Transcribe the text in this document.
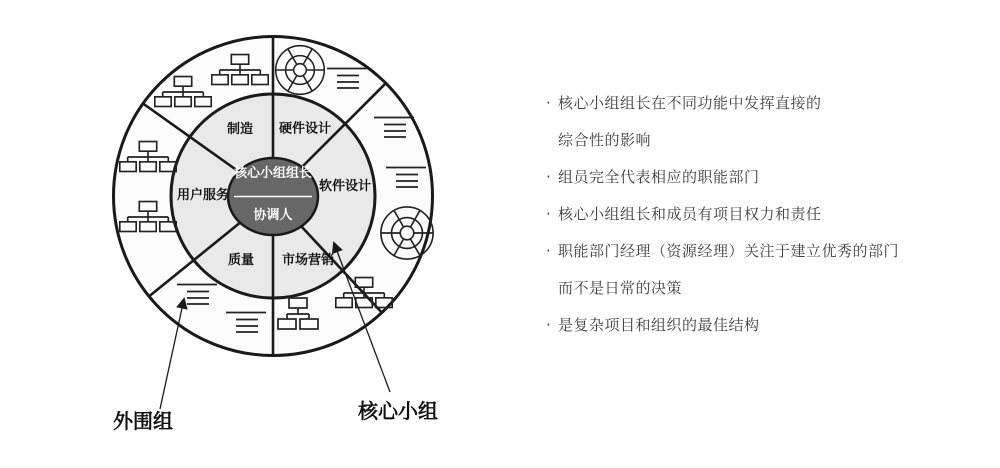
核心小组组长
协调人
制造 硬件设计
软件设计
市场营销
质量
用户服务
外围组	核心小组
· 核心小组组长在不同功能中发挥直接的
综合性的影响
· 组员完全代表相应的职能部门
· 核心小组组长和成员有项目权力和责任
· 职能部门经理（资源经理）关注于建立优秀的部门
而不是日常的决策
· 是复杂项目和组织的最佳结构
